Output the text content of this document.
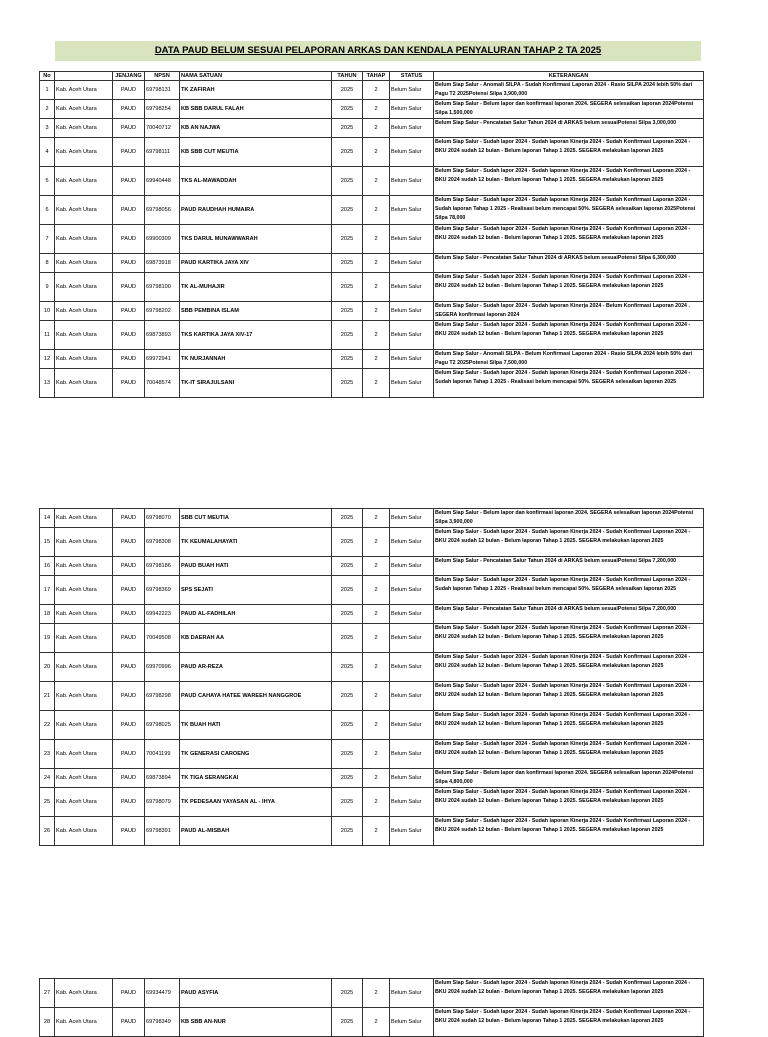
DATA PAUD BELUM SESUAI PELAPORAN ARKAS DAN KENDALA PENYALURAN TAHAP 2 TA 2025
No		JENJANG	NPSN	NAMA SATUAN	TAHUN	TAHAP	STATUS	KETERANGAN
1	Kab. Aceh Utara	PAUD	69798131	TK ZAFIRAH	2025	2	Belum Salur	Belum Siap Salur - Anomali SILPA - Sudah Konfirmasi Laporan 2024 - Rasio SILPA 2024 lebih 50% dari Pagu T2 2025Potensi Silpa 3,900,000
2	Kab. Aceh Utara	PAUD	69798254	KB SBB DARUL FALAH	2025	2	Belum Salur	Belum Siap Salur - Belum lapor dan konfirmasi laporan 2024. SEGERA selesaikan laporan 2024Potensi Silpa 1,500,000
3	Kab. Aceh Utara	PAUD	70040712	KB AN NAJWA	2025	2	Belum Salur	Belum Siap Salur - Pencatatan Salur Tahun 2024 di ARKAS belum sesuaiPotensi Silpa 3,000,000
4	Kab. Aceh Utara	PAUD	69798111	KB SBB CUT MEUTIA	2025	2	Belum Salur	Belum Siap Salur - Sudah lapor 2024 - Sudah laporan Kinerja 2024 - Sudah Konfirmasi Laporan 2024 - BKU 2024 sudah 12 bulan - Belum laporan Tahap 1 2025. SEGERA melakukan laporan 2025
5	Kab. Aceh Utara	PAUD	69940448	TKS AL-MAWADDAH	2025	2	Belum Salur	Belum Siap Salur - Sudah lapor 2024 - Sudah laporan Kinerja 2024 - Sudah Konfirmasi Laporan 2024 - BKU 2024 sudah 12 bulan - Belum laporan Tahap 1 2025. SEGERA melakukan laporan 2025
6	Kab. Aceh Utara	PAUD	69798056	PAUD RAUDHAH HUMAIRA	2025	2	Belum Salur	Belum Siap Salur - Sudah lapor 2024 - Sudah laporan Kinerja 2024 - Sudah Konfirmasi Laporan 2024 - Sudah laporan Tahap 1 2025 - Realisasi belum mencapai 50%. SEGERA selesaikan laporan 2025Potensi Silpa 78,000
7	Kab. Aceh Utara	PAUD	69900309	TKS DARUL MUNAWWARAH	2025	2	Belum Salur	Belum Siap Salur - Sudah lapor 2024 - Sudah laporan Kinerja 2024 - Sudah Konfirmasi Laporan 2024 - BKU 2024 sudah 12 bulan - Belum laporan Tahap 1 2025. SEGERA melakukan laporan 2025
8	Kab. Aceh Utara	PAUD	69873918	PAUD KARTIKA JAYA XIV	2025	2	Belum Salur	Belum Siap Salur - Pencatatan Salur Tahun 2024 di ARKAS belum sesuaiPotensi Silpa 6,300,000
9	Kab. Aceh Utara	PAUD	69798100	TK AL-MUHAJIR	2025	2	Belum Salur	Belum Siap Salur - Sudah lapor 2024 - Sudah laporan Kinerja 2024 - Sudah Konfirmasi Laporan 2024 - BKU 2024 sudah 12 bulan - Belum laporan Tahap 1 2025. SEGERA melakukan laporan 2025
10	Kab. Aceh Utara	PAUD	69798202	SBB PEMBINA ISLAM	2025	2	Belum Salur	Belum Siap Salur - Sudah lapor 2024 - Sudah laporan Kinerja 2024 - Belum Konfirmasi Laporan 2024 . SEGERA konfirmasi laporan 2024
11	Kab. Aceh Utara	PAUD	69873893	TKS KARTIKA JAYA XIV-17	2025	2	Belum Salur	Belum Siap Salur - Sudah lapor 2024 - Sudah laporan Kinerja 2024 - Sudah Konfirmasi Laporan 2024 - BKU 2024 sudah 12 bulan - Belum laporan Tahap 1 2025. SEGERA melakukan laporan 2025
12	Kab. Aceh Utara	PAUD	69972941	TK NURJANNAH	2025	2	Belum Salur	Belum Siap Salur - Anomali SILPA - Belum Konfirmasi Laporan 2024 - Rasio SILPA 2024 lebih 50% dari Pagu T2 2025Potensi Silpa 7,500,000
13	Kab. Aceh Utara	PAUD	70048574	TK-IT SIRAJULSANI	2025	2	Belum Salur	Belum Siap Salur - Sudah lapor 2024 - Sudah laporan Kinerja 2024 - Sudah Konfirmasi Laporan 2024 - Sudah laporan Tahap 1 2025 - Realisasi belum mencapai 50%. SEGERA selesaikan laporan 2025
14	Kab. Aceh Utara	PAUD	69798070	SBB CUT MEUTIA	2025	2	Belum Salur	Belum Siap Salur - Belum lapor dan konfirmasi laporan 2024. SEGERA selesaikan laporan 2024Potensi Silpa 3,900,000
15	Kab. Aceh Utara	PAUD	69798308	TK KEUMALAHAYATI	2025	2	Belum Salur	Belum Siap Salur - Sudah lapor 2024 - Sudah laporan Kinerja 2024 - Sudah Konfirmasi Laporan 2024 - BKU 2024 sudah 12 bulan - Belum laporan Tahap 1 2025. SEGERA melakukan laporan 2025
16	Kab. Aceh Utara	PAUD	69798186	PAUD BUAH HATI	2025	2	Belum Salur	Belum Siap Salur - Pencatatan Salur Tahun 2024 di ARKAS belum sesuaiPotensi Silpa 7,200,000
17	Kab. Aceh Utara	PAUD	69798369	SPS SEJATI	2025	2	Belum Salur	Belum Siap Salur - Sudah lapor 2024 - Sudah laporan Kinerja 2024 - Sudah Konfirmasi Laporan 2024 - Sudah laporan Tahap 1 2025 - Realisasi belum mencapai 50%. SEGERA selesaikan laporan 2025
18	Kab. Aceh Utara	PAUD	69942223	PAUD AL-FADHILAH	2025	2	Belum Salur	Belum Siap Salur - Pencatatan Salur Tahun 2024 di ARKAS belum sesuaiPotensi Silpa 7,200,000
19	Kab. Aceh Utara	PAUD	70049508	KB DAERAH AA	2025	2	Belum Salur	Belum Siap Salur - Sudah lapor 2024 - Sudah laporan Kinerja 2024 - Sudah Konfirmasi Laporan 2024 - BKU 2024 sudah 12 bulan - Belum laporan Tahap 1 2025. SEGERA melakukan laporan 2025
20	Kab. Aceh Utara	PAUD	69970996	PAUD AR-REZA	2025	2	Belum Salur	Belum Siap Salur - Sudah lapor 2024 - Sudah laporan Kinerja 2024 - Sudah Konfirmasi Laporan 2024 - BKU 2024 sudah 12 bulan - Belum laporan Tahap 1 2025. SEGERA melakukan laporan 2025
21	Kab. Aceh Utara	PAUD	69798298	PAUD CAHAYA HATEE WAREEH NANGGROE	2025	2	Belum Salur	Belum Siap Salur - Sudah lapor 2024 - Sudah laporan Kinerja 2024 - Sudah Konfirmasi Laporan 2024 - BKU 2024 sudah 12 bulan - Belum laporan Tahap 1 2025. SEGERA melakukan laporan 2025
22	Kab. Aceh Utara	PAUD	69798025	TK BUAH HATI	2025	2	Belum Salur	Belum Siap Salur - Sudah lapor 2024 - Sudah laporan Kinerja 2024 - Sudah Konfirmasi Laporan 2024 - BKU 2024 sudah 12 bulan - Belum laporan Tahap 1 2025. SEGERA melakukan laporan 2025
23	Kab. Aceh Utara	PAUD	70041199	TK GENERASI CAROENG	2025	2	Belum Salur	Belum Siap Salur - Sudah lapor 2024 - Sudah laporan Kinerja 2024 - Sudah Konfirmasi Laporan 2024 - BKU 2024 sudah 12 bulan - Belum laporan Tahap 1 2025. SEGERA melakukan laporan 2025
24	Kab. Aceh Utara	PAUD	69873894	TK TIGA SERANGKAI	2025	2	Belum Salur	Belum Siap Salur - Belum lapor dan konfirmasi laporan 2024. SEGERA selesaikan laporan 2024Potensi Silpa 4,800,000
25	Kab. Aceh Utara	PAUD	69798079	TK PEDESAAN YAYASAN AL - IHYA	2025	2	Belum Salur	Belum Siap Salur - Sudah lapor 2024 - Sudah laporan Kinerja 2024 - Sudah Konfirmasi Laporan 2024 - BKU 2024 sudah 12 bulan - Belum laporan Tahap 1 2025. SEGERA melakukan laporan 2025
26	Kab. Aceh Utara	PAUD	69798391	PAUD AL-MISBAH	2025	2	Belum Salur	Belum Siap Salur - Sudah lapor 2024 - Sudah laporan Kinerja 2024 - Sudah Konfirmasi Laporan 2024 - BKU 2024 sudah 12 bulan - Belum laporan Tahap 1 2025. SEGERA melakukan laporan 2025
27	Kab. Aceh Utara	PAUD	69934479	PAUD ASYFIA	2025	2	Belum Salur	Belum Siap Salur - Sudah lapor 2024 - Sudah laporan Kinerja 2024 - Sudah Konfirmasi Laporan 2024 - BKU 2024 sudah 12 bulan - Belum laporan Tahap 1 2025. SEGERA melakukan laporan 2025
28	Kab. Aceh Utara	PAUD	69798349	KB SBB AN-NUR	2025	2	Belum Salur	Belum Siap Salur - Sudah lapor 2024 - Sudah laporan Kinerja 2024 - Sudah Konfirmasi Laporan 2024 - BKU 2024 sudah 12 bulan - Belum laporan Tahap 1 2025. SEGERA melakukan laporan 2025
